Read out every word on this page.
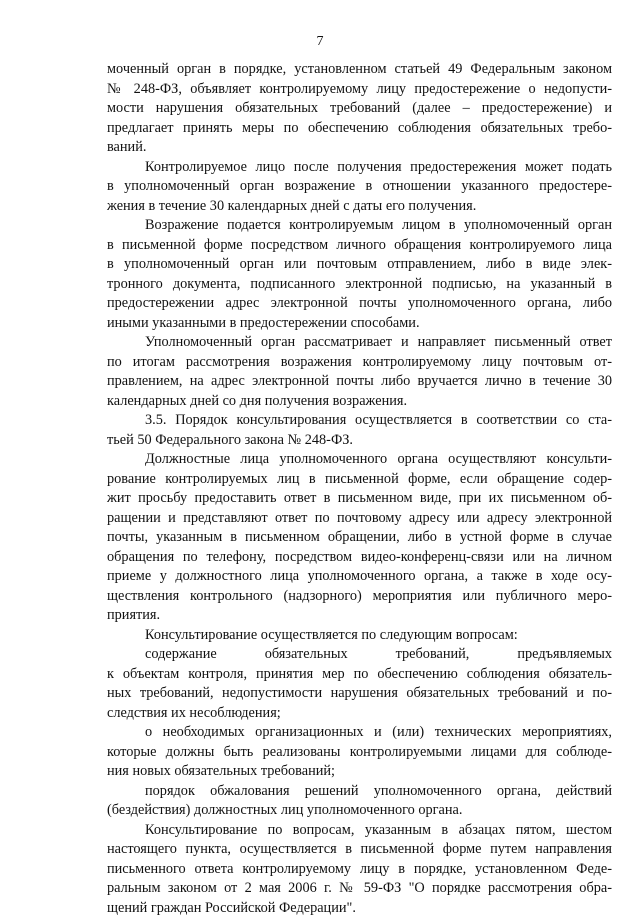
7
моченный орган в порядке, установленном статьей 49 Федеральным законом
№ 248-ФЗ, объявляет контролируемому лицу предостережение о недопусти-
мости нарушения обязательных требований (далее – предостережение) и
предлагает принять меры по обеспечению соблюдения обязательных требо-
ваний.
Контролируемое лицо после получения предостережения может подать
в уполномоченный орган возражение в отношении указанного предостере-
жения в течение 30 календарных дней с даты его получения.
Возражение подается контролируемым лицом в уполномоченный орган
в письменной форме посредством личного обращения контролируемого лица
в уполномоченный орган или почтовым отправлением, либо в виде элек-
тронного документа, подписанного электронной подписью, на указанный в
предостережении адрес электронной почты уполномоченного органа, либо
иными указанными в предостережении способами.
Уполномоченный орган рассматривает и направляет письменный ответ
по итогам рассмотрения возражения контролируемому лицу почтовым от-
правлением, на адрес электронной почты либо вручается лично в течение 30
календарных дней со дня получения возражения.
3.5. Порядок консультирования осуществляется в соответствии со ста-
тьей 50 Федерального закона № 248-ФЗ.
Должностные лица уполномоченного органа осуществляют консульти-
рование контролируемых лиц в письменной форме, если обращение содер-
жит просьбу предоставить ответ в письменном виде, при их письменном об-
ращении и представляют ответ по почтовому адресу или адресу электронной
почты, указанным в письменном обращении, либо в устной форме в случае
обращения по телефону, посредством видео-конференц-связи или на личном
приеме у должностного лица уполномоченного органа, а также в ходе осу-
ществления контрольного (надзорного) мероприятия или публичного меро-
приятия.
Консультирование осуществляется по следующим вопросам:
содержание обязательных требований, предъявляемых
к объектам контроля, принятия мер по обеспечению соблюдения обязатель-
ных требований, недопустимости нарушения обязательных требований и по-
следствия их несоблюдения;
о необходимых организационных и (или) технических мероприятиях,
которые должны быть реализованы контролируемыми лицами для соблюде-
ния новых обязательных требований;
порядок обжалования решений уполномоченного органа, действий
(бездействия) должностных лиц уполномоченного органа.
Консультирование по вопросам, указанным в абзацах пятом, шестом
настоящего пункта, осуществляется в письменной форме путем направления
письменного ответа контролируемому лицу в порядке, установленном Феде-
ральным законом от 2 мая 2006 г. № 59-ФЗ "О порядке рассмотрения обра-
щений граждан Российской Федерации".
